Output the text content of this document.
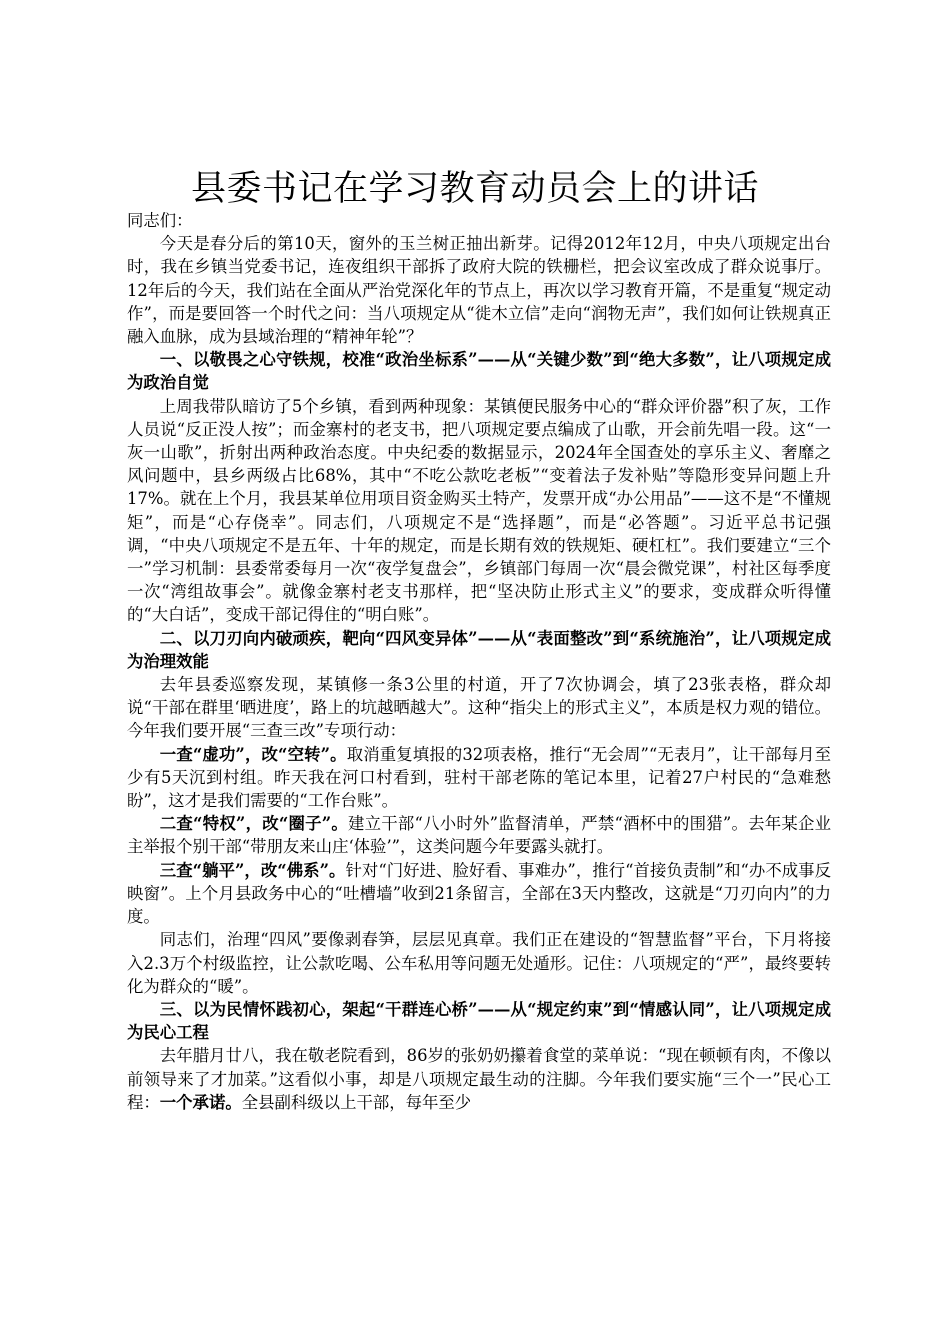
县委书记在学习教育动员会上的讲话

同志们：

今天是春分后的第10天，窗外的玉兰树正抽出新芽。记得2012年12月，中央八项规定出台时，我在乡镇当党委书记，连夜组织干部拆了政府大院的铁栅栏，把会议室改成了群众说事厅。12年后的今天，我们站在全面从严治党深化年的节点上，再次以学习教育开篇，不是重复“规定动作”，而是要回答一个时代之问：当八项规定从“徙木立信”走向“润物无声”，我们如何让铁规真正融入血脉，成为县域治理的“精神年轮”？

一、以敬畏之心守铁规，校准“政治坐标系”——从“关键少数”到“绝大多数”，让八项规定成为政治自觉

上周我带队暗访了5个乡镇，看到两种现象：某镇便民服务中心的“群众评价器”积了灰，工作人员说“反正没人按”；而金寨村的老支书，把八项规定要点编成了山歌，开会前先唱一段。这“一灰一山歌”，折射出两种政治态度。中央纪委的数据显示，2024年全国查处的享乐主义、奢靡之风问题中，县乡两级占比68%，其中“不吃公款吃老板”“变着法子发补贴”等隐形变异问题上升17%。就在上个月，我县某单位用项目资金购买土特产，发票开成“办公用品”——这不是“不懂规矩”，而是“心存侥幸”。同志们，八项规定不是“选择题”，而是“必答题”。习近平总书记强调，“中央八项规定不是五年、十年的规定，而是长期有效的铁规矩、硬杠杠”。我们要建立“三个一”学习机制：县委常委每月一次“夜学复盘会”，乡镇部门每周一次“晨会微党课”，村社区每季度一次“湾组故事会”。就像金寨村老支书那样，把“坚决防止形式主义”的要求，变成群众听得懂的“大白话”，变成干部记得住的“明白账”。

二、以刀刃向内破顽疾，靶向“四风变异体”——从“表面整改”到“系统施治”，让八项规定成为治理效能

去年县委巡察发现，某镇修一条3公里的村道，开了7次协调会，填了23张表格，群众却说“干部在群里‘晒进度’，路上的坑越晒越大”。这种“指尖上的形式主义”，本质是权力观的错位。今年我们要开展“三查三改”专项行动：

一查“虚功”，改“空转”。取消重复填报的32项表格，推行“无会周”“无表月”，让干部每月至少有5天沉到村组。昨天我在河口村看到，驻村干部老陈的笔记本里，记着27户村民的“急难愁盼”，这才是我们需要的“工作台账”。

二查“特权”，改“圈子”。建立干部“八小时外”监督清单，严禁“酒杯中的围猎”。去年某企业主举报个别干部“带朋友来山庄‘体验’”，这类问题今年要露头就打。

三查“躺平”，改“佛系”。针对“门好进、脸好看、事难办”，推行“首接负责制”和“办不成事反映窗”。上个月县政务中心的“吐槽墙”收到21条留言，全部在3天内整改，这就是“刀刃向内”的力度。

同志们，治理“四风”要像剥春笋，层层见真章。我们正在建设的“智慧监督”平台，下月将接入2.3万个村级监控，让公款吃喝、公车私用等问题无处遁形。记住：八项规定的“严”，最终要转化为群众的“暖”。

三、以为民情怀践初心，架起“干群连心桥”——从“规定约束”到“情感认同”，让八项规定成为民心工程

去年腊月廿八，我在敬老院看到，86岁的张奶奶攥着食堂的菜单说：“现在顿顿有肉，不像以前领导来了才加菜。”这看似小事，却是八项规定最生动的注脚。今年我们要实施“三个一”民心工程：一个承诺。全县副科级以上干部，每年至少
